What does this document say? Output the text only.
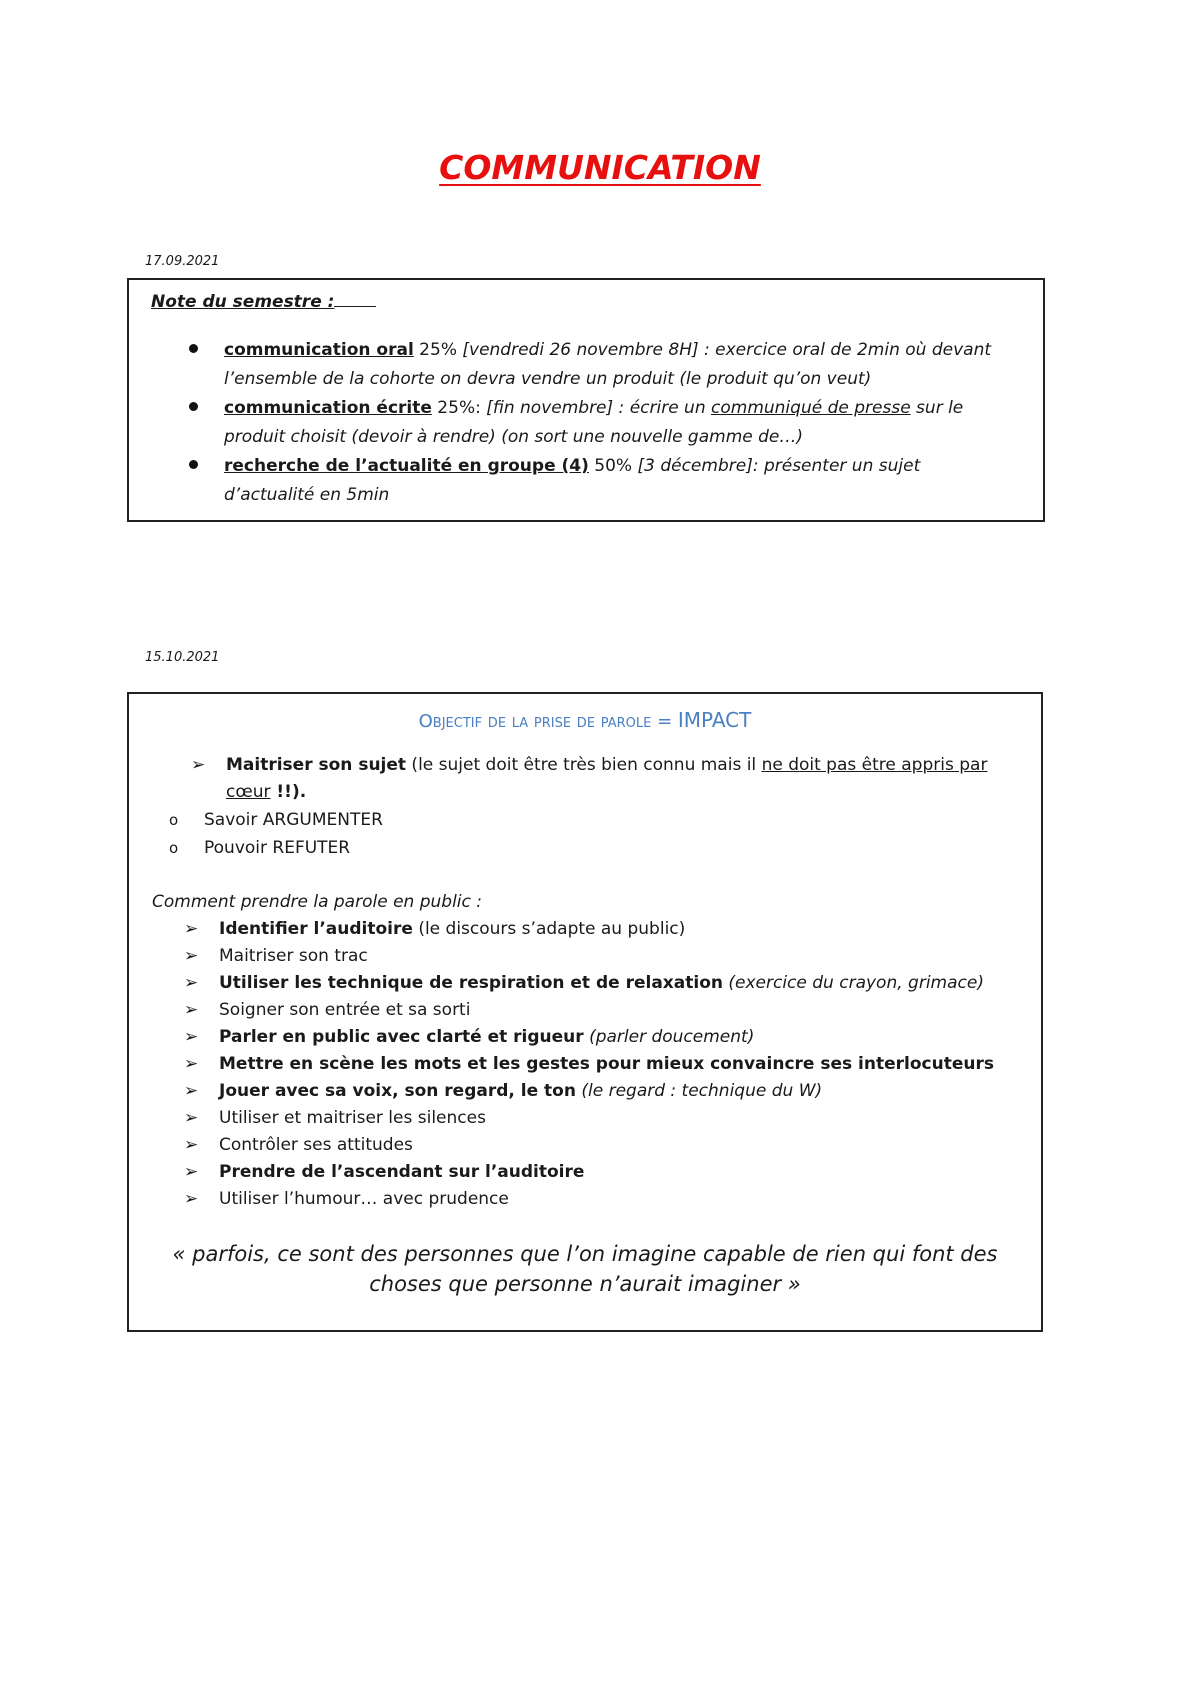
COMMUNICATION
17.09.2021
Note du semestre :
communication oral 25% [vendredi 26 novembre 8H] : exercice oral de 2min où devant l’ensemble de la cohorte on devra vendre un produit (le produit qu’on veut)
communication écrite 25%: [fin novembre] : écrire un communiqué de presse sur le produit choisit (devoir à rendre) (on sort une nouvelle gamme de…)
recherche de l’actualité en groupe (4) 50% [3 décembre]: présenter un sujet d’actualité en 5min
15.10.2021
Objectif de la prise de parole = IMPACT
➢ Maitriser son sujet (le sujet doit être très bien connu mais il ne doit pas être appris par
cœur !!).
o Savoir ARGUMENTER
o Pouvoir REFUTER
Comment prendre la parole en public :
➢ Identifier l’auditoire (le discours s’adapte au public)
➢ Maitriser son trac
➢ Utiliser les technique de respiration et de relaxation (exercice du crayon, grimace)
➢ Soigner son entrée et sa sorti
➢ Parler en public avec clarté et rigueur (parler doucement)
➢ Mettre en scène les mots et les gestes pour mieux convaincre ses interlocuteurs
➢ Jouer avec sa voix, son regard, le ton (le regard : technique du W)
➢ Utiliser et maitriser les silences
➢ Contrôler ses attitudes
➢ Prendre de l’ascendant sur l’auditoire
➢ Utiliser l’humour… avec prudence
« parfois, ce sont des personnes que l’on imagine capable de rien qui font des choses que personne n’aurait imaginer »
